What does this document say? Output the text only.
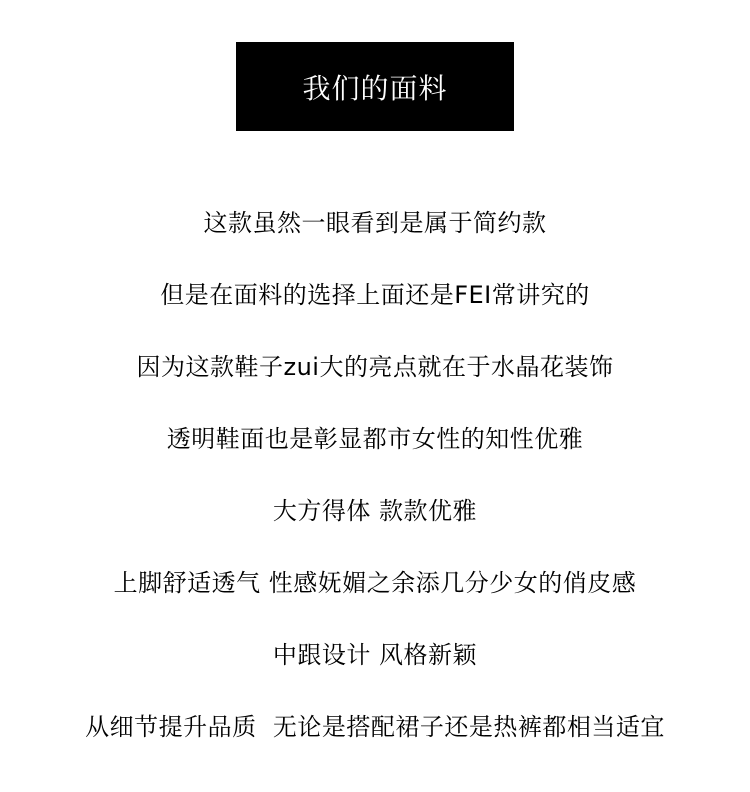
我们的面料
这款虽然一眼看到是属于简约款
但是在面料的选择上面还是FEI常讲究的
因为这款鞋子zui大的亮点就在于水晶花装饰
透明鞋面也是彰显都市女性的知性优雅
大方得体 款款优雅
上脚舒适透气 性感妩媚之余添几分少女的俏皮感
中跟设计 风格新颖
从细节提升品质  无论是搭配裙子还是热裤都相当适宜
